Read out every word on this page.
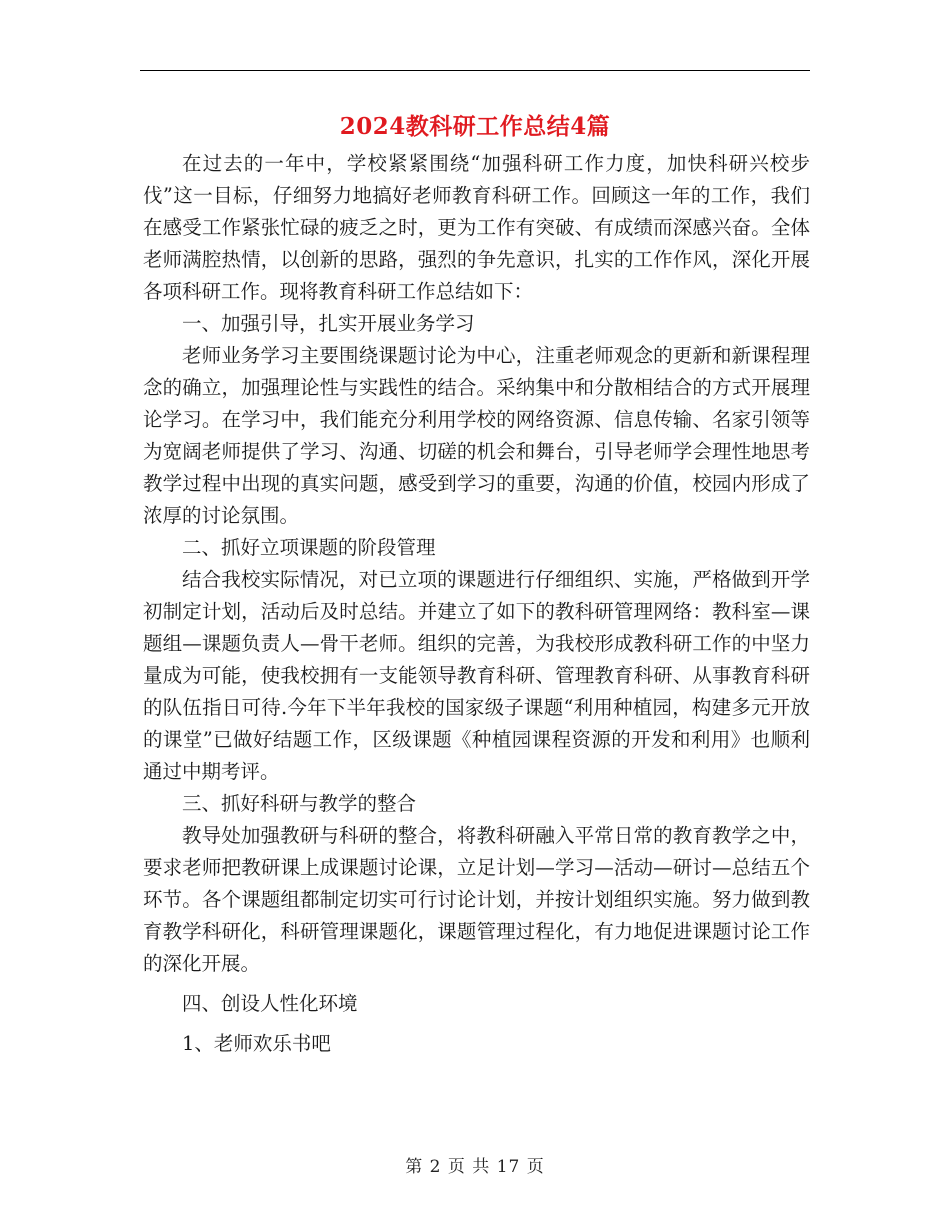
2024教科研工作总结4篇

在过去的一年中，学校紧紧围绕“加强科研工作力度，加快科研兴校步伐”这一目标，仔细努力地搞好老师教育科研工作。回顾这一年的工作，我们在感受工作紧张忙碌的疲乏之时，更为工作有突破、有成绩而深感兴奋。全体老师满腔热情，以创新的思路，强烈的争先意识，扎实的工作作风，深化开展各项科研工作。现将教育科研工作总结如下：

一、加强引导，扎实开展业务学习

老师业务学习主要围绕课题讨论为中心，注重老师观念的更新和新课程理念的确立，加强理论性与实践性的结合。采纳集中和分散相结合的方式开展理论学习。在学习中，我们能充分利用学校的网络资源、信息传输、名家引领等为宽阔老师提供了学习、沟通、切磋的机会和舞台，引导老师学会理性地思考教学过程中出现的真实问题，感受到学习的重要，沟通的价值，校园内形成了浓厚的讨论氛围。

二、抓好立项课题的阶段管理

结合我校实际情况，对已立项的课题进行仔细组织、实施，严格做到开学初制定计划，活动后及时总结。并建立了如下的教科研管理网络：教科室—课题组—课题负责人—骨干老师。组织的完善，为我校形成教科研工作的中坚力量成为可能，使我校拥有一支能领导教育科研、管理教育科研、从事教育科研的队伍指日可待.今年下半年我校的国家级子课题“利用种植园，构建多元开放的课堂”已做好结题工作，区级课题《种植园课程资源的开发和利用》也顺利通过中期考评。

三、抓好科研与教学的整合

教导处加强教研与科研的整合，将教科研融入平常日常的教育教学之中，要求老师把教研课上成课题讨论课，立足计划—学习—活动—研讨—总结五个环节。各个课题组都制定切实可行讨论计划，并按计划组织实施。努力做到教育教学科研化，科研管理课题化，课题管理过程化，有力地促进课题讨论工作的深化开展。

四、创设人性化环境

1、老师欢乐书吧

第 2 页 共 17 页
